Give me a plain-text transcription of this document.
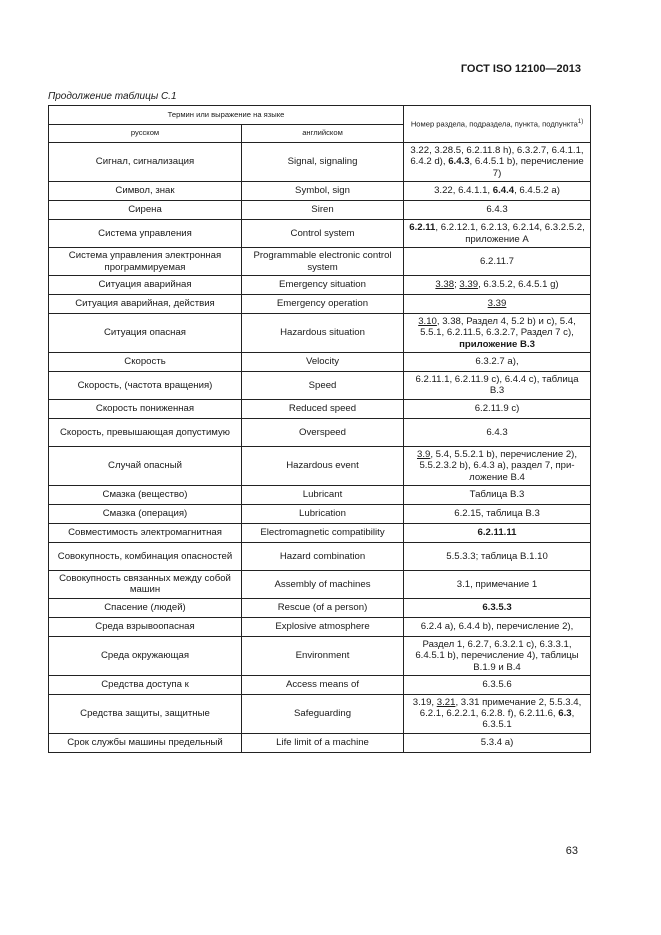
ГОСТ ISO 12100—2013
Продолжение таблицы С.1
Термин или выражение на языке		Номер раздела, подраздела, пункта, подпункта$^{1)}$
русском	английском	
Сигнал, сигнализация	Signal, signaling	3.22, 3.28.5, 6.2.11.8 h), 6.3.2.7, 6.4.1.1, 6.4.2 d), 6.4.3, 6.4.5.1 b), перечисление 7)
Символ, знак	Symbol, sign	3.22, 6.4.1.1, 6.4.4, 6.4.5.2 а)
Сирена	Siren	6.4.3
Система управления	Control system	6.2.11, 6.2.12.1, 6.2.13, 6.2.14, 6.3.2.5.2, приложение А
Система управления электронная программируемая	Programmable electronic control system	6.2.11.7
Ситуация аварийная	Emergency situation	3.38; 3.39, 6.3.5.2, 6.4.5.1 g)
Ситуация аварийная, действия	Emergency operation	3.39
Ситуация опасная	Hazardous situation	3.10, 3.38, Раздел 4, 5.2 b) и с), 5.4, 5.5.1, 6.2.11.5, 6.3.2.7, Раздел 7 с), приложение В.3
Скорость	Velocity	6.3.2.7 а),
Скорость, (частота вращения)	Speed	6.2.11.1, 6.2.11.9 с), 6.4.4 с), таблица В.3
Скорость пониженная	Reduced speed	6.2.11.9 с)
Скорость, превышающая допустимую	Overspeed	6.4.3
Случай опасный	Hazardous event	3.9, 5.4, 5.5.2.1 b), перечисление 2), 5.5.2.3.2 b), 6.4.3 а), раздел 7, при-ложение В.4
Смазка (вещество)	Lubricant	Таблица В.3
Смазка (операция)	Lubrication	6.2.15, таблица В.3
Совместимость электромагнитная	Electromagnetic compatibility	6.2.11.11
Совокупность, комбинация опасностей	Hazard combination	5.5.3.3; таблица В.1.10
Совокупность связанных между собой машин	Assembly of machines	3.1, примечание 1
Спасение (людей)	Rescue (of a person)	6.3.5.3
Среда взрывоопасная	Explosive atmosphere	6.2.4 а), 6.4.4 b), перечисление 2),
Среда окружающая	Environment	Раздел 1, 6.2.7, 6.3.2.1 с), 6.3.3.1, 6.4.5.1 b), перечисление 4), таблицы В.1.9 и В.4
Средства доступа к	Access means of	6.3.5.6
Средства защиты, защитные	Safeguarding	3.19, 3.21, 3.31 примечание 2, 5.5.3.4, 6.2.1, 6.2.2.1, 6.2.8. f), 6.2.11.6, 6.3, 6.3.5.1
Срок службы машины предельный	Life limit of a machine	5.3.4 а)
63
